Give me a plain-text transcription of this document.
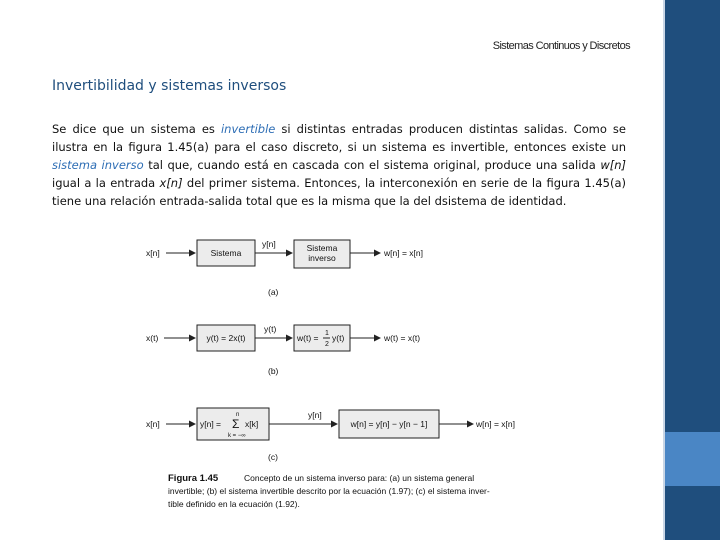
Sistemas Continuos y Discretos
Invertibilidad y sistemas inversos
Se dice que un sistema es invertible si distintas entradas producen distintas salidas. Como se ilustra en la figura 1.45(a) para el caso discreto, si un sistema es invertible, entonces existe un sistema inverso tal que, cuando está en cascada con el sistema original, produce una salida w[n] igual a la entrada x[n] del primer sistema. Entonces, la interconexión en serie de la figura 1.45(a) tiene una relación entrada-salida total que es la misma que la del dsistema de identidad.
x[n]	Sistema
y[n]	Sistema
inverso	w[n] = x[n]
(a)
x(t)	y(t) = 2x(t)
y(t)
w(t) = 1
2
y(t)	w(t) = x(t)
(b)
x[n]	y[n] =
n
Σ
k = −∞
x[k]
y[n]
w[n] = y[n] − y[n − 1]	w[n] = x[n]
(c)
Figura 1.45	Concepto de un sistema inverso para: (a) un sistema general
invertible; (b) el sistema invertible descrito por la ecuación (1.97); (c) el sistema inver-
tible definido en la ecuación (1.92).
